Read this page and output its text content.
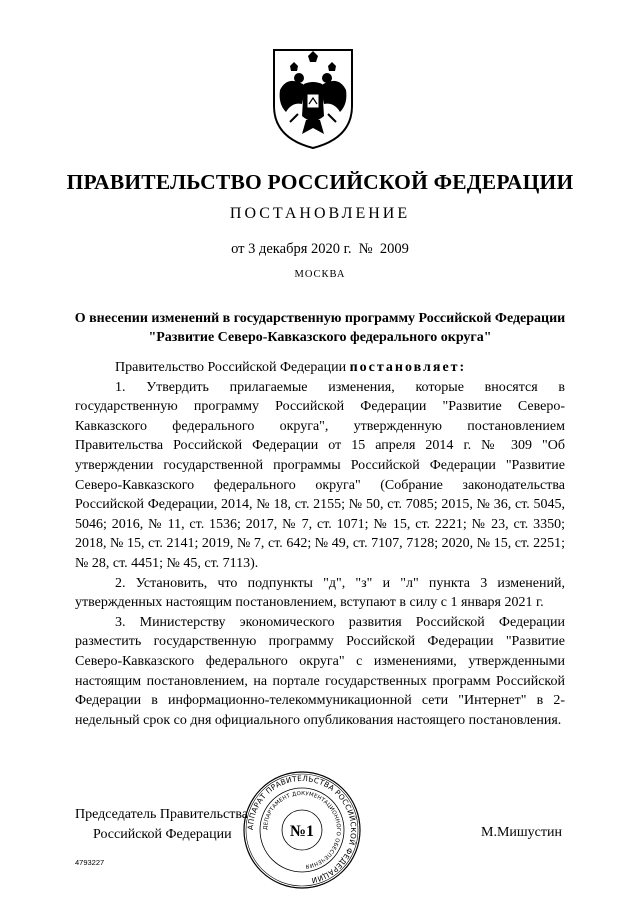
ПРАВИТЕЛЬСТВО РОССИЙСКОЙ ФЕДЕРАЦИИ
ПОСТАНОВЛЕНИЕ
от 3 декабря 2020 г.  №  2009
МОСКВА
О внесении изменений в государственную программу Российской Федерации "Развитие Северо-Кавказского федерального округа"

Правительство Российской Федерации постановляет:

1. Утвердить прилагаемые изменения, которые вносятся в государственную программу Российской Федерации "Развитие Северо-Кавказского федерального округа", утвержденную постановлением Правительства Российской Федерации от 15 апреля 2014 г. № 309 "Об утверждении государственной программы Российской Федерации "Развитие Северо-Кавказского федерального округа" (Собрание законодательства Российской Федерации, 2014, № 18, ст. 2155; № 50, ст. 7085; 2015, № 36, ст. 5045, 5046; 2016, № 11, ст. 1536; 2017, № 7, ст. 1071; № 15, ст. 2221; № 23, ст. 3350; 2018, № 15, ст. 2141; 2019, № 7, ст. 642; № 49, ст. 7107, 7128; 2020, № 15, ст. 2251; № 28, ст. 4451; № 45, ст. 7113).

2. Установить, что подпункты "д", "з" и "л" пункта 3 изменений, утвержденных настоящим постановлением, вступают в силу с 1 января 2021 г.

3. Министерству экономического развития Российской Федерации разместить государственную программу Российской Федерации "Развитие Северо-Кавказского федерального округа" с изменениями, утвержденными настоящим постановлением, на портале государственных программ Российской Федерации в информационно-телекоммуникационной сети "Интернет" в 2-недельный срок со дня официального опубликования настоящего постановления.

Председатель Правительства
Российской Федерации	М.Мишустин
АППАРАТ ПРАВИТЕЛЬСТВА РОССИЙСКОЙ ФЕДЕРАЦИИ
ДЕПАРТАМЕНТ ДОКУМЕНТАЦИОННОГО ОБЕСПЕЧЕНИЯ
№1
4793227
